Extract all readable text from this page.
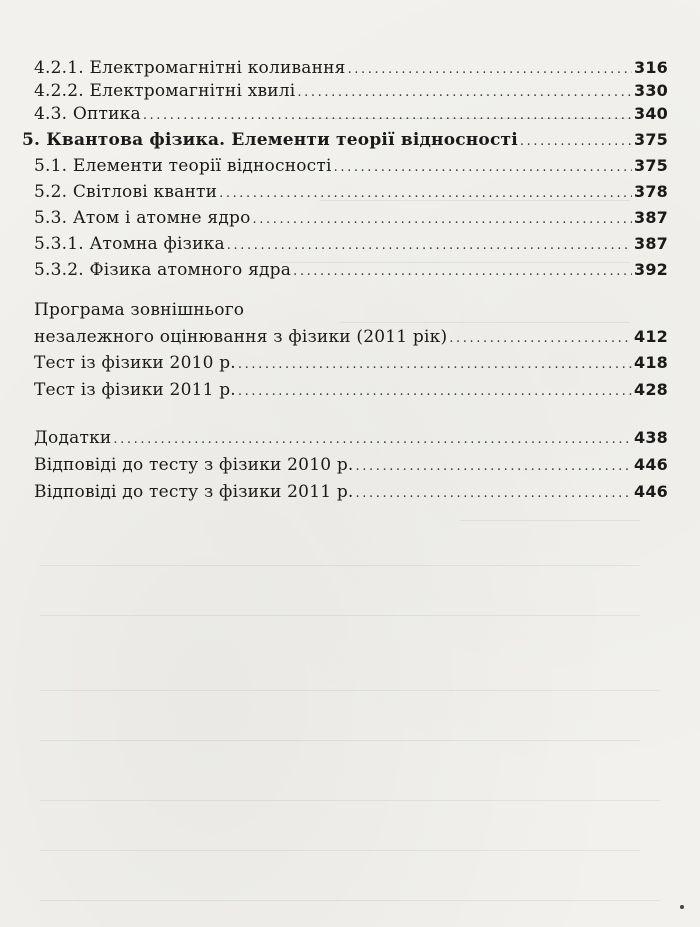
4.2.1. Електромагнітні коливання .....	316
4.2.2. Електромагнітні хвилі .....	330
4.3. Оптика .....	340
5. Квантова фізика. Елементи теорії відносності .....	375
5.1. Елементи теорії відносності .....	375
5.2. Світлові кванти .....	378
5.3. Атом і атомне ядро .....	387
5.3.1. Атомна фізика .....	387
5.3.2. Фізика атомного ядра .....	392
Програма зовнішнього
незалежного оцінювання з фізики (2011 рік) .....	412
Тест із фізики 2010 р. .....	418
Тест із фізики 2011 р. .....	428
Додатки .....	438
Відповіді до тесту з фізики 2010 р. .....	446
Відповіді до тесту з фізики 2011 р. .....	446
